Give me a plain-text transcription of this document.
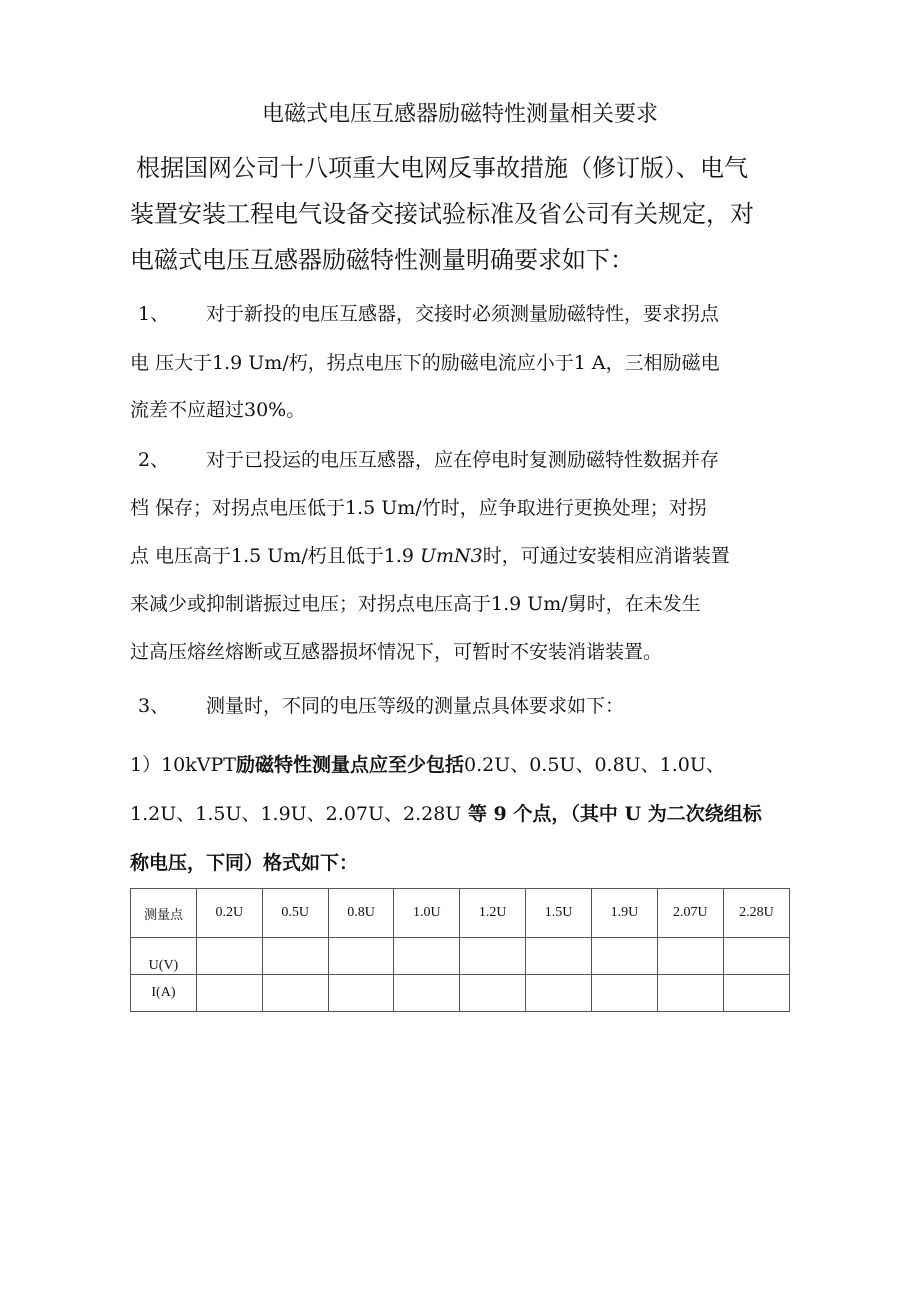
电磁式电压互感器励磁特性测量相关要求
根据国网公司十八项重大电网反事故措施（修订版）、电气
装置安装工程电气设备交接试验标准及省公司有关规定，对
电磁式电压互感器励磁特性测量明确要求如下：
1、 对于新投的电压互感器，交接时必须测量励磁特性，要求拐点
电 压大于1.9 Um/朽，拐点电压下的励磁电流应小于1 A，三相励磁电
流差不应超过30%。
2、 对于已投运的电压互感器，应在停电时复测励磁特性数据并存
档 保存；对拐点电压低于1.5 Um/竹时，应争取进行更换处理；对拐
点 电压高于1.5 Um/朽且低于1.9 UmN3时，可通过安装相应消谐装置
来减少或抑制谐振过电压；对拐点电压高于1.9 Um/舅时，在未发生
过高压熔丝熔断或互感器损坏情况下，可暂时不安装消谐装置。
3、 测量时，不同的电压等级的测量点具体要求如下：
1）10kVPT励磁特性测量点应至少包括0.2U、0.5U、0.8U、1.0U、
1.2U、1.5U、1.9U、2.07U、2.28U 等 9 个点，（其中 U 为二次绕组标
称电压，下同）格式如下：
测量点	0.2U	0.5U	0.8U	1.0U	1.2U	1.5U	1.9U	2.07U	2.28U
U(V)									
I(A)									
